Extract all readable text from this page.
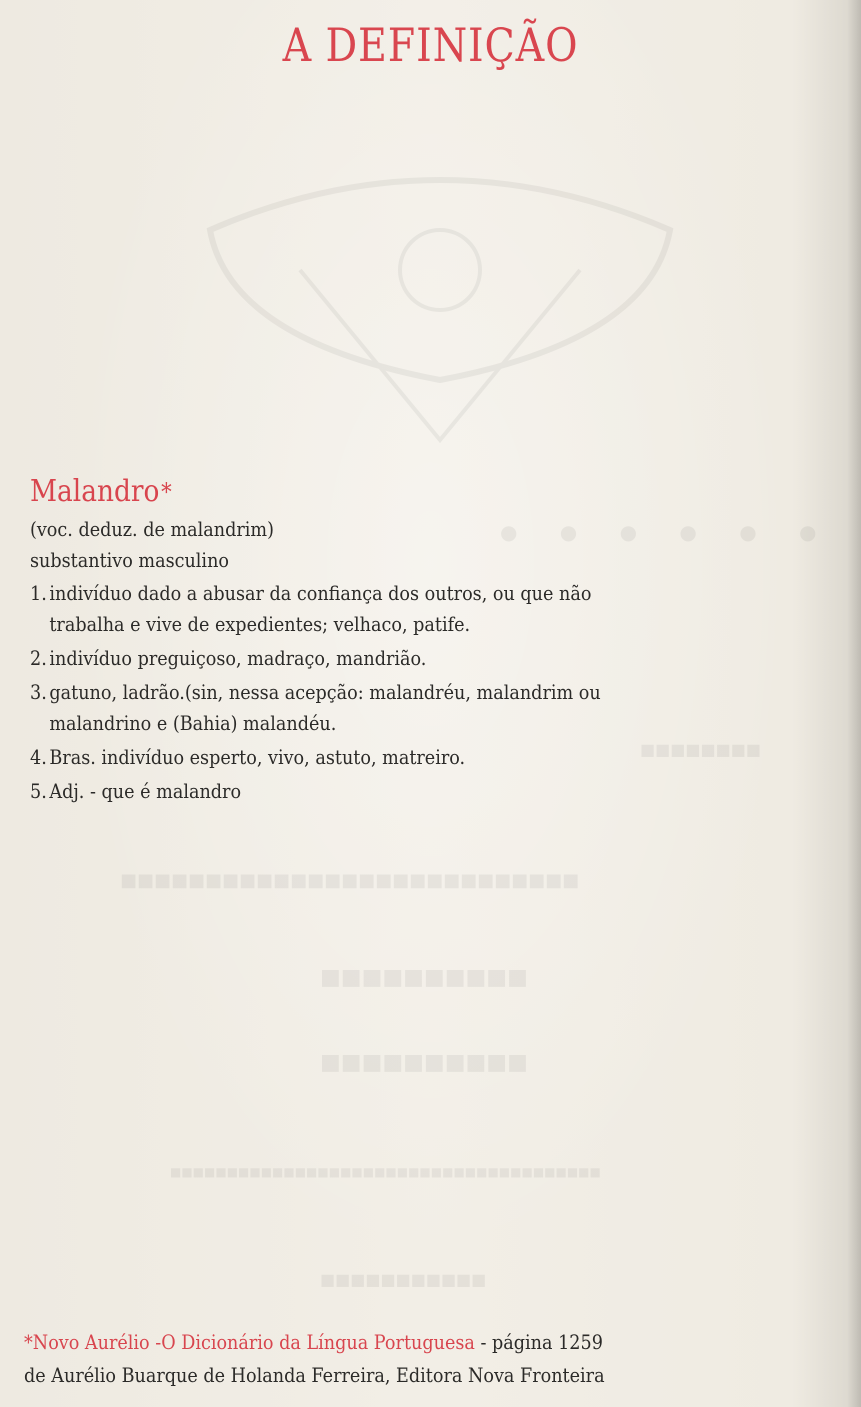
● ● ● ● ● ●
■■■■■■■■
■■■■■■■■■■■■■■■■■■■■■■■■■■■
■■■■■■■■■■
■■■■■■■■■■
■■■■■■■■■■■■■■■■■■■■■■■■■■■■■■■■■■■■■■
■■■■■■■■■■■
A DEFINIÇÃO
Malandro*
(voc. deduz. de malandrim)
substantivo masculino
1. indivíduo dado a abusar da confiança dos outros, ou que não trabalha e vive de expedientes; velhaco, patife.
2. indivíduo preguiçoso, madraço, mandrião.
3. gatuno, ladrão.(sin, nessa acepção: malandréu, malandrim ou malandrino e (Bahia) malandéu.
4. Bras. indivíduo esperto, vivo, astuto, matreiro.
5. Adj. - que é malandro
*Novo Aurélio -O Dicionário da Língua Portuguesa - página 1259
de Aurélio Buarque de Holanda Ferreira, Editora Nova Fronteira
